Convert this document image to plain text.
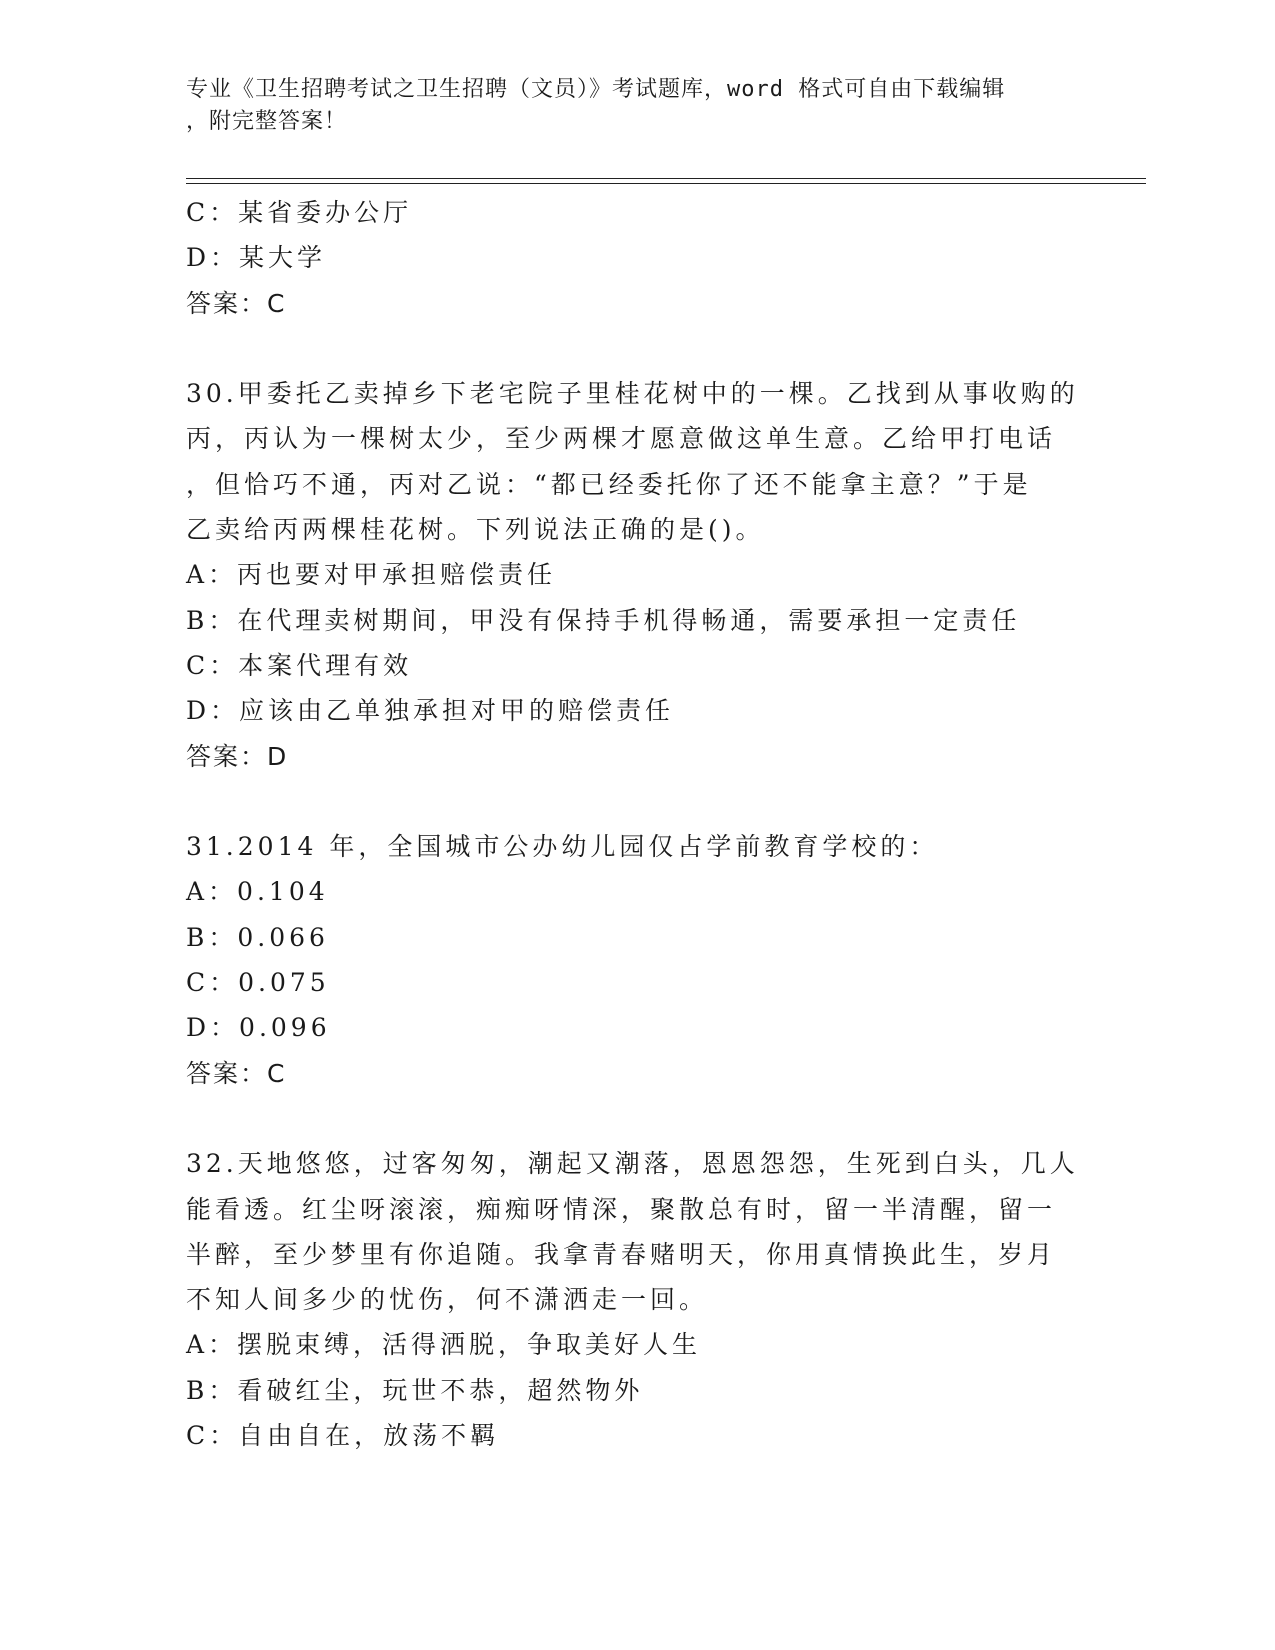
专业《卫生招聘考试之卫生招聘（文员）》考试题库，word 格式可自由下载编辑
，附完整答案！
C：某省委办公厅
D：某大学
答案：C
30.甲委托乙卖掉乡下老宅院子里桂花树中的一棵。乙找到从事收购的
丙，丙认为一棵树太少，至少两棵才愿意做这单生意。乙给甲打电话
，但恰巧不通，丙对乙说：“都已经委托你了还不能拿主意？”于是
乙卖给丙两棵桂花树。下列说法正确的是()。
A：丙也要对甲承担赔偿责任
B：在代理卖树期间，甲没有保持手机得畅通，需要承担一定责任
C：本案代理有效
D：应该由乙单独承担对甲的赔偿责任
答案：D
31.2014 年，全国城市公办幼儿园仅占学前教育学校的：
A：0.104
B：0.066
C：0.075
D：0.096
答案：C
32.天地悠悠，过客匆匆，潮起又潮落，恩恩怨怨，生死到白头，几人
能看透。红尘呀滚滚，痴痴呀情深，聚散总有时，留一半清醒，留一
半醉，至少梦里有你追随。我拿青春赌明天，你用真情换此生，岁月
不知人间多少的忧伤，何不潇洒走一回。
A：摆脱束缚，活得洒脱，争取美好人生
B：看破红尘，玩世不恭，超然物外
C：自由自在，放荡不羁
